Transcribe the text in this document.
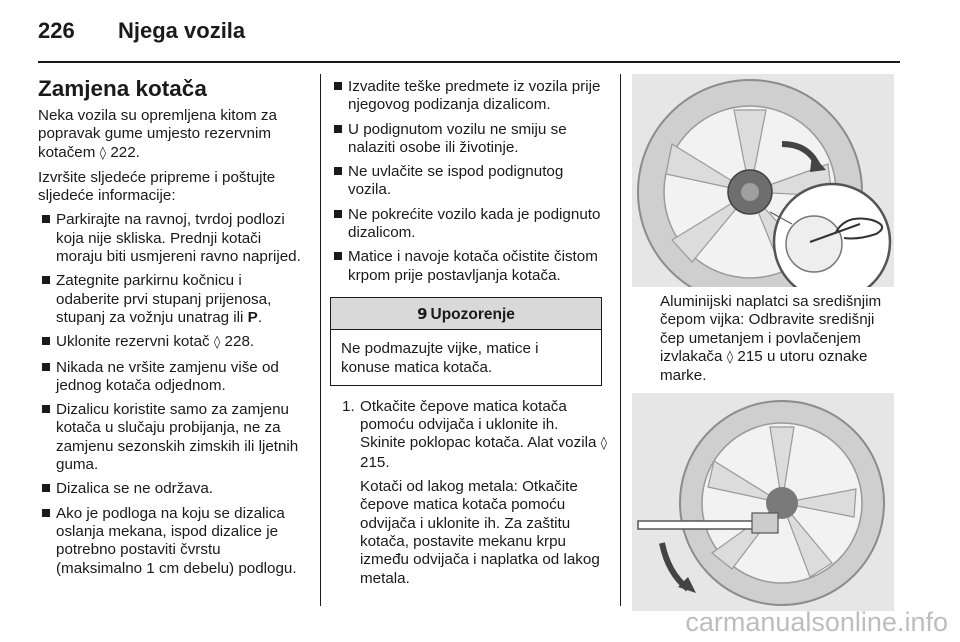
226 Njega vozila
Zamjena kotača

Neka vozila su opremljena kitom za popravak gume umjesto rezervnim kotačem ◊ 222.

Izvršite sljedeće pripreme i poštujte sljedeće informacije:

Parkirajte na ravnoj, tvrdoj podlozi koja nije skliska. Prednji kotači moraju biti usmjereni ravno naprijed.
Zategnite parkirnu kočnicu i odaberite prvi stupanj prijenosa, stupanj za vožnju unatrag ili P.
Uklonite rezervni kotač ◊ 228.
Nikada ne vršite zamjenu više od jednog kotača odjednom.
Dizalicu koristite samo za zamjenu kotača u slučaju probijanja, ne za zamjenu sezonskih zimskih ili ljetnih guma.
Dizalica se ne održava.
Ako je podloga na koju se dizalica oslanja mekana, ispod dizalice je potrebno postaviti čvrstu (maksimalno 1 cm debelu) podlogu.
Izvadite teške predmete iz vozila prije njegovog podizanja dizalicom.
U podignutom vozilu ne smiju se nalaziti osobe ili životinje.
Ne uvlačite se ispod podignutog vozila.
Ne pokrećite vozilo kada je podignuto dizalicom.
Matice i navoje kotača očistite čistom krpom prije postavljanja kotača.
9 Upozorenje
Ne podmazujte vijke, matice i konuse matica kotača.
1. Otkačite čepove matica kotača pomoću odvijača i uklonite ih. Skinite poklopac kotača. Alat vozila ◊ 215.

Kotači od lakog metala: Otkačite čepove matica kotača pomoću odvijača i uklonite ih. Za zaštitu kotača, postavite mekanu krpu između odvijača i naplatka od lakog metala.

Aluminijski naplatci sa središnjim čepom vijka: Odbravite središnji čep umetanjem i povlačenjem izvlakača ◊ 215 u utoru oznake marke.

carmanualsonline.info
